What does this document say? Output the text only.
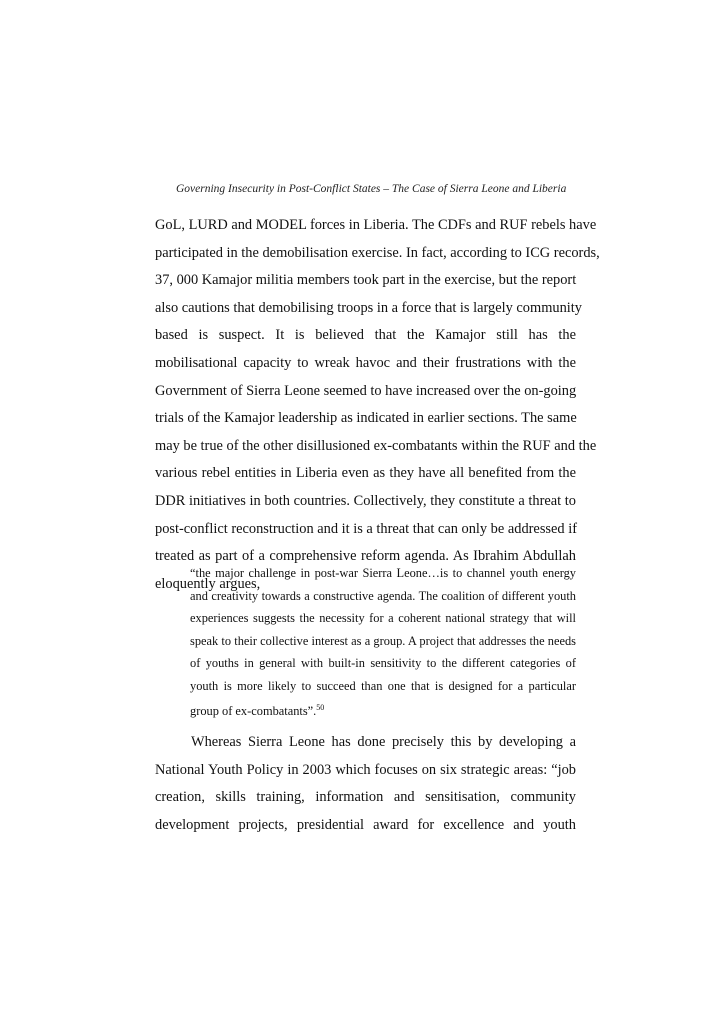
Governing Insecurity in Post-Conflict States – The Case of Sierra Leone and Liberia
GoL, LURD and MODEL forces in Liberia. The CDFs and RUF rebels have
participated in the demobilisation exercise. In fact, according to ICG records,
37, 000 Kamajor militia members took part in the exercise, but the report
also cautions that demobilising troops in a force that is largely community
based is suspect. It is believed that the Kamajor still has the
mobilisational capacity to wreak havoc and their frustrations with the
Government of Sierra Leone seemed to have increased over the on-going
trials of the Kamajor leadership as indicated in earlier sections. The same
may be true of the other disillusioned ex-combatants within the RUF and the
various rebel entities in Liberia even as they have all benefited from the
DDR initiatives in both countries. Collectively, they constitute a threat to
post-conflict reconstruction and it is a threat that can only be addressed if
treated as part of a comprehensive reform agenda. As Ibrahim Abdullah
eloquently argues,
“the major challenge in post-war Sierra Leone…is to channel youth energy
and creativity towards a constructive agenda. The coalition of different youth
experiences suggests the necessity for a coherent national strategy that will
speak to their collective interest as a group. A project that addresses the needs
of youths in general with built-in sensitivity to the different categories of
youth is more likely to succeed than one that is designed for a particular
group of ex-combatants”.$^{50}$
Whereas Sierra Leone has done precisely this by developing a
National Youth Policy in 2003 which focuses on six strategic areas: “job
creation, skills training, information and sensitisation, community
development projects, presidential award for excellence and youth
